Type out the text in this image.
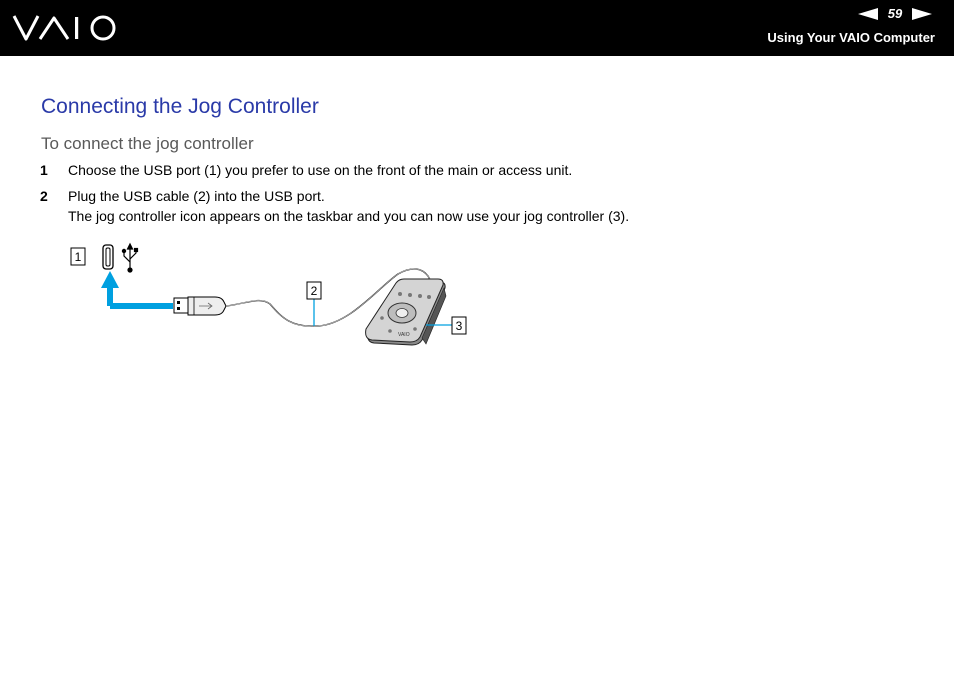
59
Using Your VAIO Computer
Connecting the Jog Controller
To connect the jog controller
1	Choose the USB port (1) you prefer to use on the front of the main or access unit.
2	Plug the USB cable (2) into the USB port.
The jog controller icon appears on the taskbar and you can now use your jog controller (3).
1
2
VAIO
3
